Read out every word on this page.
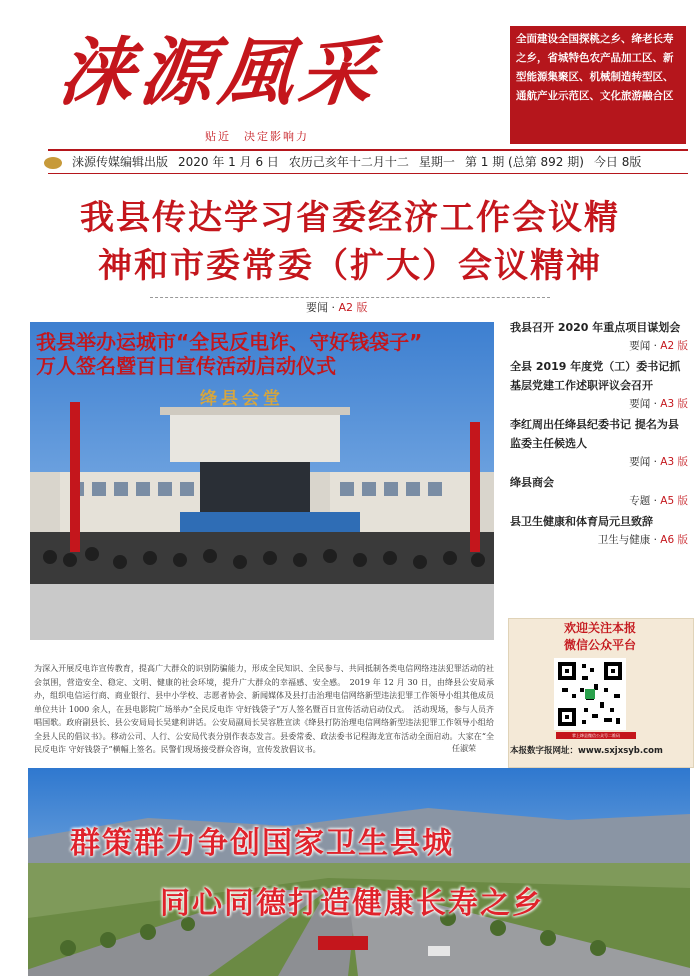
涞源風采
贴近　决定影响力
全面建设全国探桃之乡、绛老长寿之乡，省城特色农产品加工区、新型能源集聚区、机械制造转型区、通航产业示范区、文化旅游融合区
涞源传媒编辑出版 2020 年 1 月 6 日 农历己亥年十二月十二 星期一 第 1 期 (总第 892 期) 今日 8版
我县传达学习省委经济工作会议精
神和市委常委（扩大）会议精神
要闻 · A2 版
我县举办运城市“全民反电诈、守好钱袋子”
万人签名暨百日宣传活动启动仪式
绛县会堂
为深入开展反电诈宣传教育，提高广大群众的识别防骗能力，形成全民知识、全民参与、共同抵制各类电信网络违法犯罪活动的社会氛围，营造安全、稳定、文明、健康的社会环境，提升广大群众的幸福感、安全感。　2019 年 12 月 30 日，由绛县公安局承办，组织电信运行商、商业银行、县中小学校、志愿者协会、新闻媒体及县打击治理电信网络新型违法犯罪工作领导小组其他成员单位共计 1000 余人，在县电影院广场举办“全民反电诈 守好钱袋子”万人签名暨百日宣传活动启动仪式。　活动现场，参与人员齐唱国歌。政府副县长、县公安局局长吴建利讲话。公安局副局长吴容胜宣读《绛县打防治理电信网络新型违法犯罪工作领导小组给全县人民的倡议书》。移动公司、人行、公安局代表分别作表态发言。县委常委、政法委书记程海龙宣布活动全面启动。大家在“全民反电诈 守好钱袋子”横幅上签名。民警们现场接受群众咨询，宣传发放倡议书。	任淑荣
我县召开 2020 年重点项目谋划会
要闻 · A2 版
全县 2019 年度党（工）委书记抓基层党建工作述职评议会召开
要闻 · A3 版
李红周出任绛县纪委书记 提名为县监委主任候选人
要闻 · A3 版
绛县商会
专题 · A5 版
县卫生健康和体育局元旦致辞
卫生与健康 · A6 版
欢迎关注本报
微信公众平台
掌上绛县微信公众号二维码
本报数字报网址：www.sxjxsyb.com
群策群力争创国家卫生县城
同心同德打造健康长寿之乡
